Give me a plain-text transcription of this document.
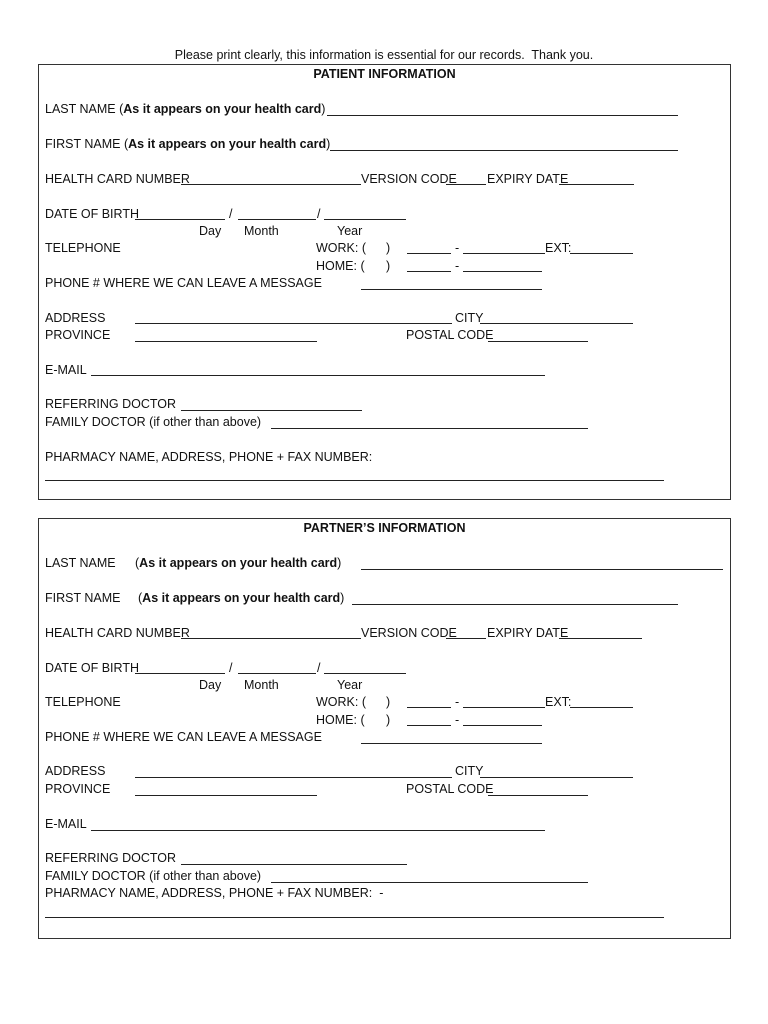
Please print clearly, this information is essential for our records.  Thank you.
PATIENT INFORMATION
LAST NAME (As it appears on your health card)
FIRST NAME (As it appears on your health card)
HEALTH CARD NUMBER	VERSION CODE EXPIRY DATE
DATE OF BIRTH	/	/
Day Month	Year
TELEPHONE	WORK: ( )	-	EXT:
HOME: ( )	-
PHONE # WHERE WE CAN LEAVE A MESSAGE
ADDRESS	CITY
PROVINCE	POSTAL CODE
E-MAIL
REFERRING DOCTOR
FAMILY DOCTOR (if other than above)
PHARMACY NAME, ADDRESS, PHONE + FAX NUMBER:
PARTNER’S INFORMATION
LAST NAME (As it appears on your health card)
FIRST NAME (As it appears on your health card)
HEALTH CARD NUMBER	VERSION CODE EXPIRY DATE
DATE OF BIRTH	/	/
Day Month	Year
TELEPHONE	WORK: ( )	-	EXT:
HOME: ( )	-
PHONE # WHERE WE CAN LEAVE A MESSAGE
ADDRESS	CITY
PROVINCE	POSTAL CODE
E-MAIL
REFERRING DOCTOR
FAMILY DOCTOR (if other than above)
PHARMACY NAME, ADDRESS, PHONE + FAX NUMBER:  -
